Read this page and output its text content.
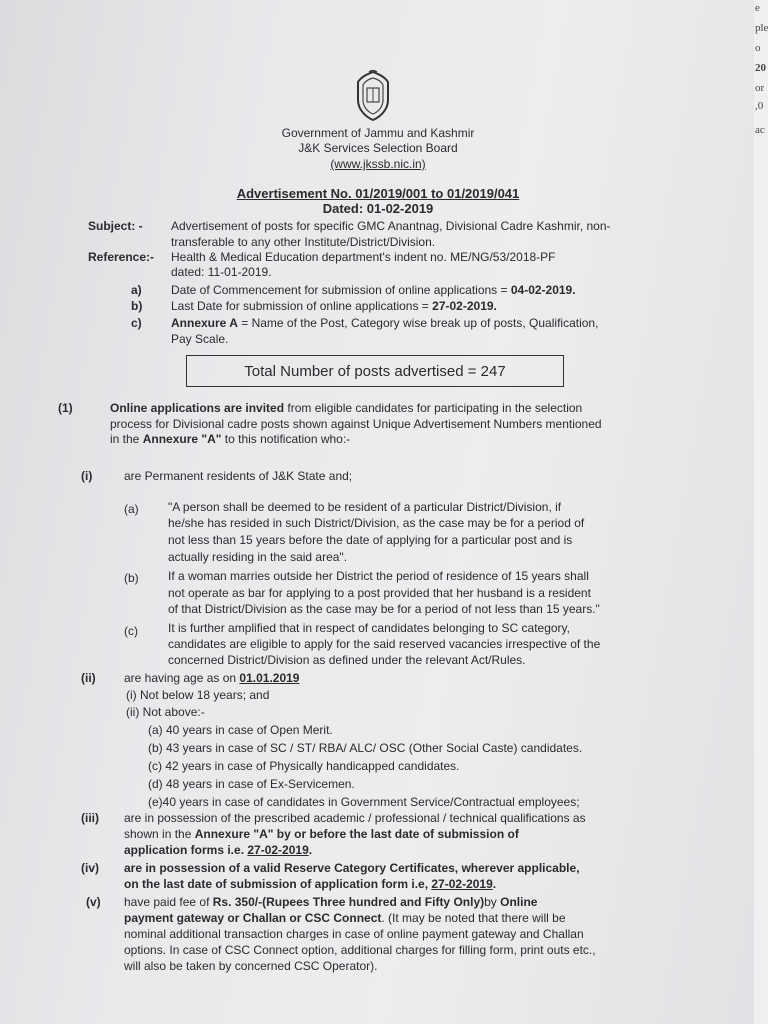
Government of Jammu and Kashmir
J&K Services Selection Board
(www.jkssb.nic.in)
Advertisement No. 01/2019/001 to 01/2019/041
Dated: 01-02-2019
Subject: - Advertisement of posts for specific GMC Anantnag, Divisional Cadre Kashmir, non-
transferable to any other Institute/District/Division.
Reference:- Health & Medical Education department's indent no. ME/NG/53/2018-PF
dated: 11-01-2019.
a) Date of Commencement for submission of online applications = 04-02-2019.
b) Last Date for submission of online applications = 27-02-2019.
c) Annexure A = Name of the Post, Category wise break up of posts, Qualification,
Pay Scale.
Total Number of posts advertised = 247
(1)	Online applications are invited from eligible candidates for participating in the selection
process for Divisional cadre posts shown against Unique Advertisement Numbers mentioned
in the Annexure "A" to this notification who:-
(i)	are Permanent residents of J&K State and;
(a) "A person shall be deemed to be resident of a particular District/Division, if
he/she has resided in such District/Division, as the case may be for a period of
not less than 15 years before the date of applying for a particular post and is
actually residing in the said area".
(b) If a woman marries outside her District the period of residence of 15 years shall
not operate as bar for applying to a post provided that her husband is a resident
of that District/Division as the case may be for a period of not less than 15 years."
(c)	It is further amplified that in respect of candidates belonging to SC category,
candidates are eligible to apply for the said reserved vacancies irrespective of the
concerned District/Division as defined under the relevant Act/Rules.
(ii) are having age as on 01.01.2019
(i) Not below 18 years; and
(ii) Not above:-
(a) 40 years in case of Open Merit.
(b) 43 years in case of SC / ST/ RBA/ ALC/ OSC (Other Social Caste) candidates.
(c) 42 years in case of Physically handicapped candidates.
(d) 48 years in case of Ex-Servicemen.
(e)40 years in case of candidates in Government Service/Contractual employees;
(iii) are in possession of the prescribed academic / professional / technical qualifications as
shown in the Annexure "A" by or before the last date of submission of
application forms i.e. 27-02-2019.
(iv) are in possession of a valid Reserve Category Certificates, wherever applicable,
on the last date of submission of application form i.e, 27-02-2019.
(v) have paid fee of Rs. 350/-(Rupees Three hundred and Fifty Only)by Online
payment gateway or Challan or CSC Connect. (It may be noted that there will be
nominal additional transaction charges in case of online payment gateway and Challan
options. In case of CSC Connect option, additional charges for filling form, print outs etc.,
will also be taken by concerned CSC Operator).
e
ple
o
20
or
,0
ac
